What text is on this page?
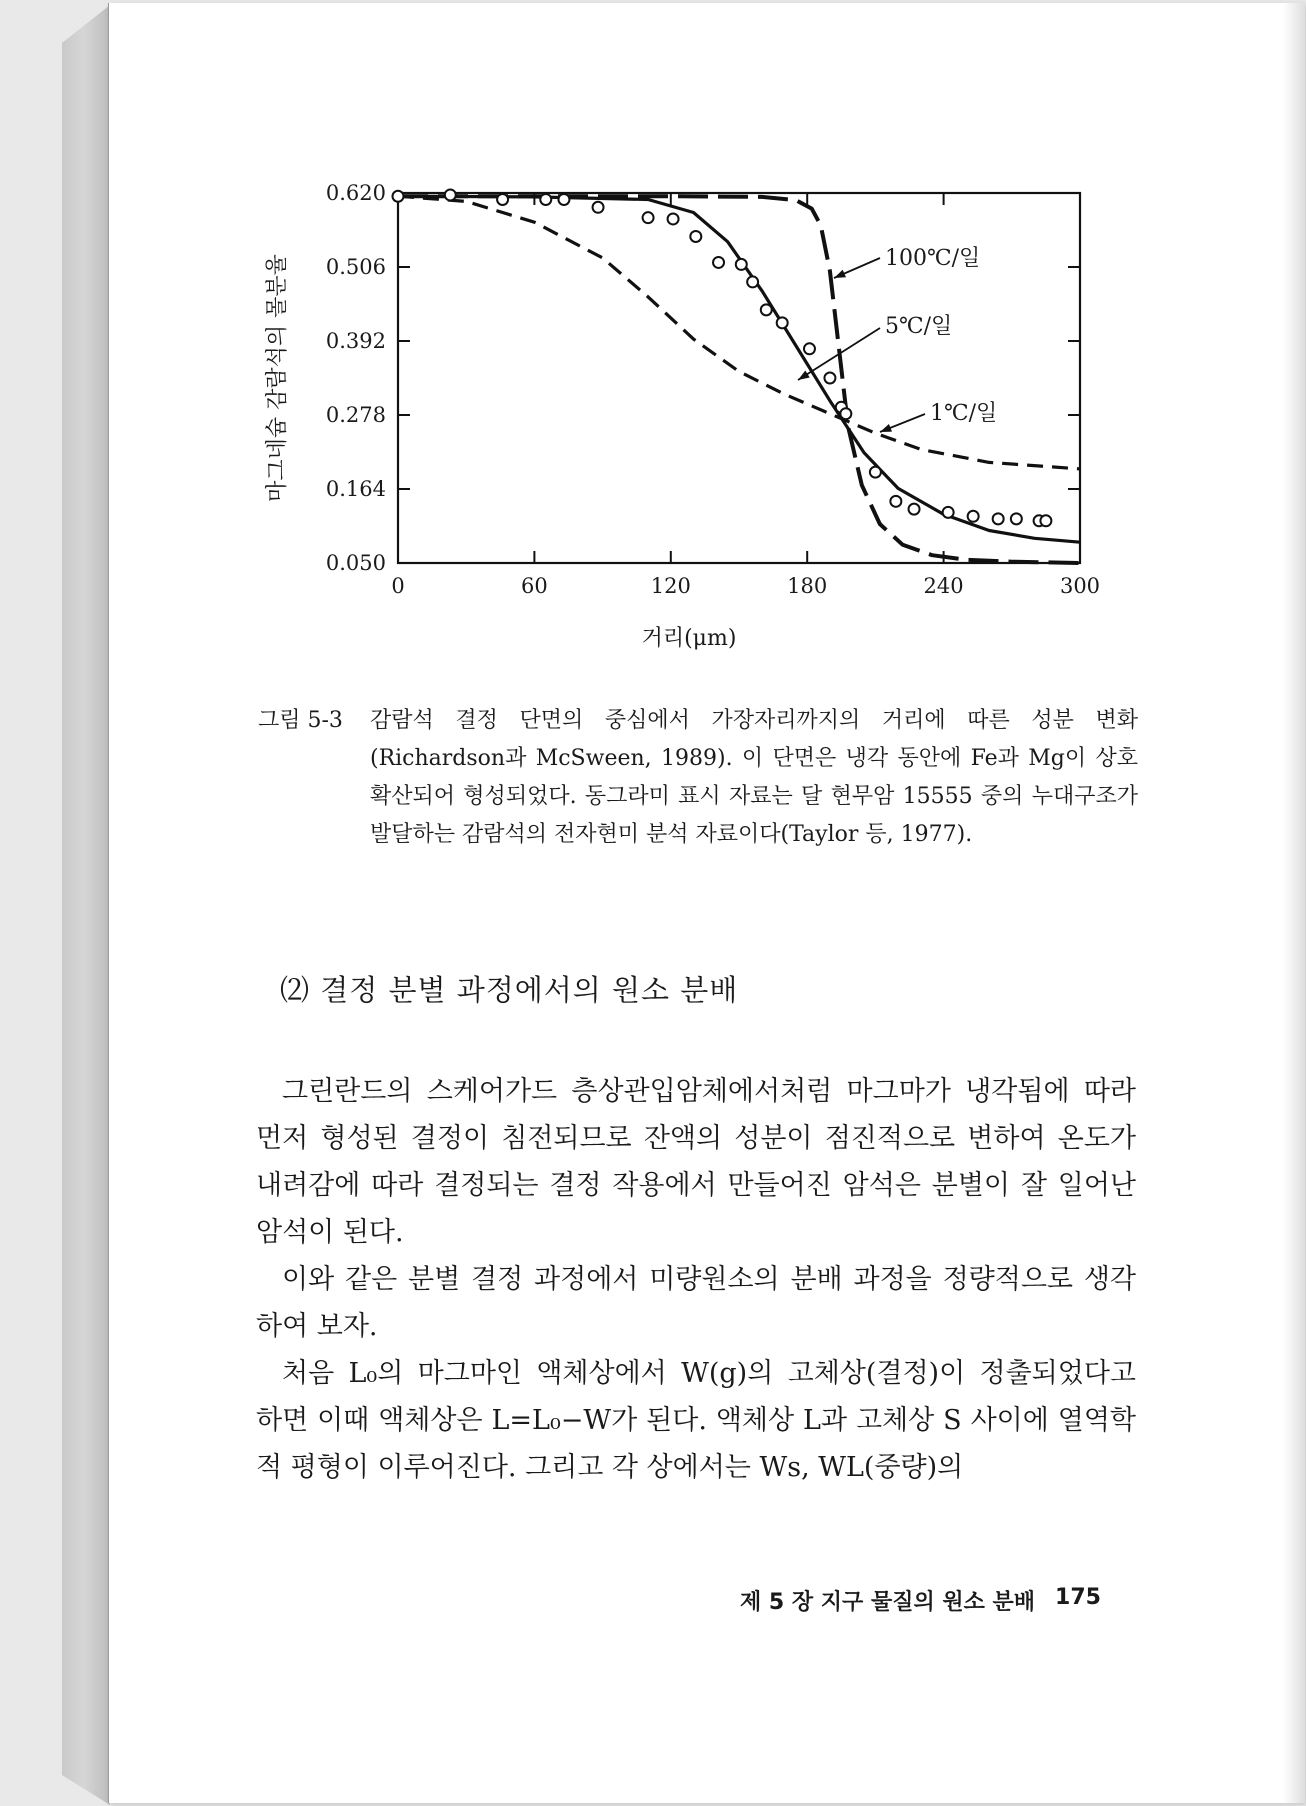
0	60	120	180	240	300
0.050
0.164
0.278
0.392
0.506
0.620
100℃/일
5℃/일
1℃/일
거리(μm)
마그네슘 감람석의 몰분율
그림 5-3	감람석 결정 단면의 중심에서 가장자리까지의 거리에 따른 성분 변화 (Richardson과 McSween, 1989). 이 단면은 냉각 동안에 Fe과 Mg이 상호 확산되어 형성되었다. 동그라미 표시 자료는 달 현무암 15555 중의 누대구조가 발달하는 감람석의 전자현미 분석 자료이다(Taylor 등, 1977).
⑵ 결정 분별 과정에서의 원소 분배

그린란드의 스케어가드 층상관입암체에서처럼 마그마가 냉각됨에 따라 먼저 형성된 결정이 침전되므로 잔액의 성분이 점진적으로 변하여 온도가 내려감에 따라 결정되는 결정 작용에서 만들어진 암석은 분별이 잘 일어난 암석이 된다.

이와 같은 분별 결정 과정에서 미량원소의 분배 과정을 정량적으로 생각하여 보자.

처음 L₀의 마그마인 액체상에서 W(g)의 고체상(결정)이 정출되었다고 하면 이때 액체상은 L=L₀−W가 된다. 액체상 L과 고체상 S 사이에 열역학적 평형이 이루어진다. 그리고 각 상에서는 Ws, WL(중량)의

제 5 장 지구 물질의 원소 분배 175
